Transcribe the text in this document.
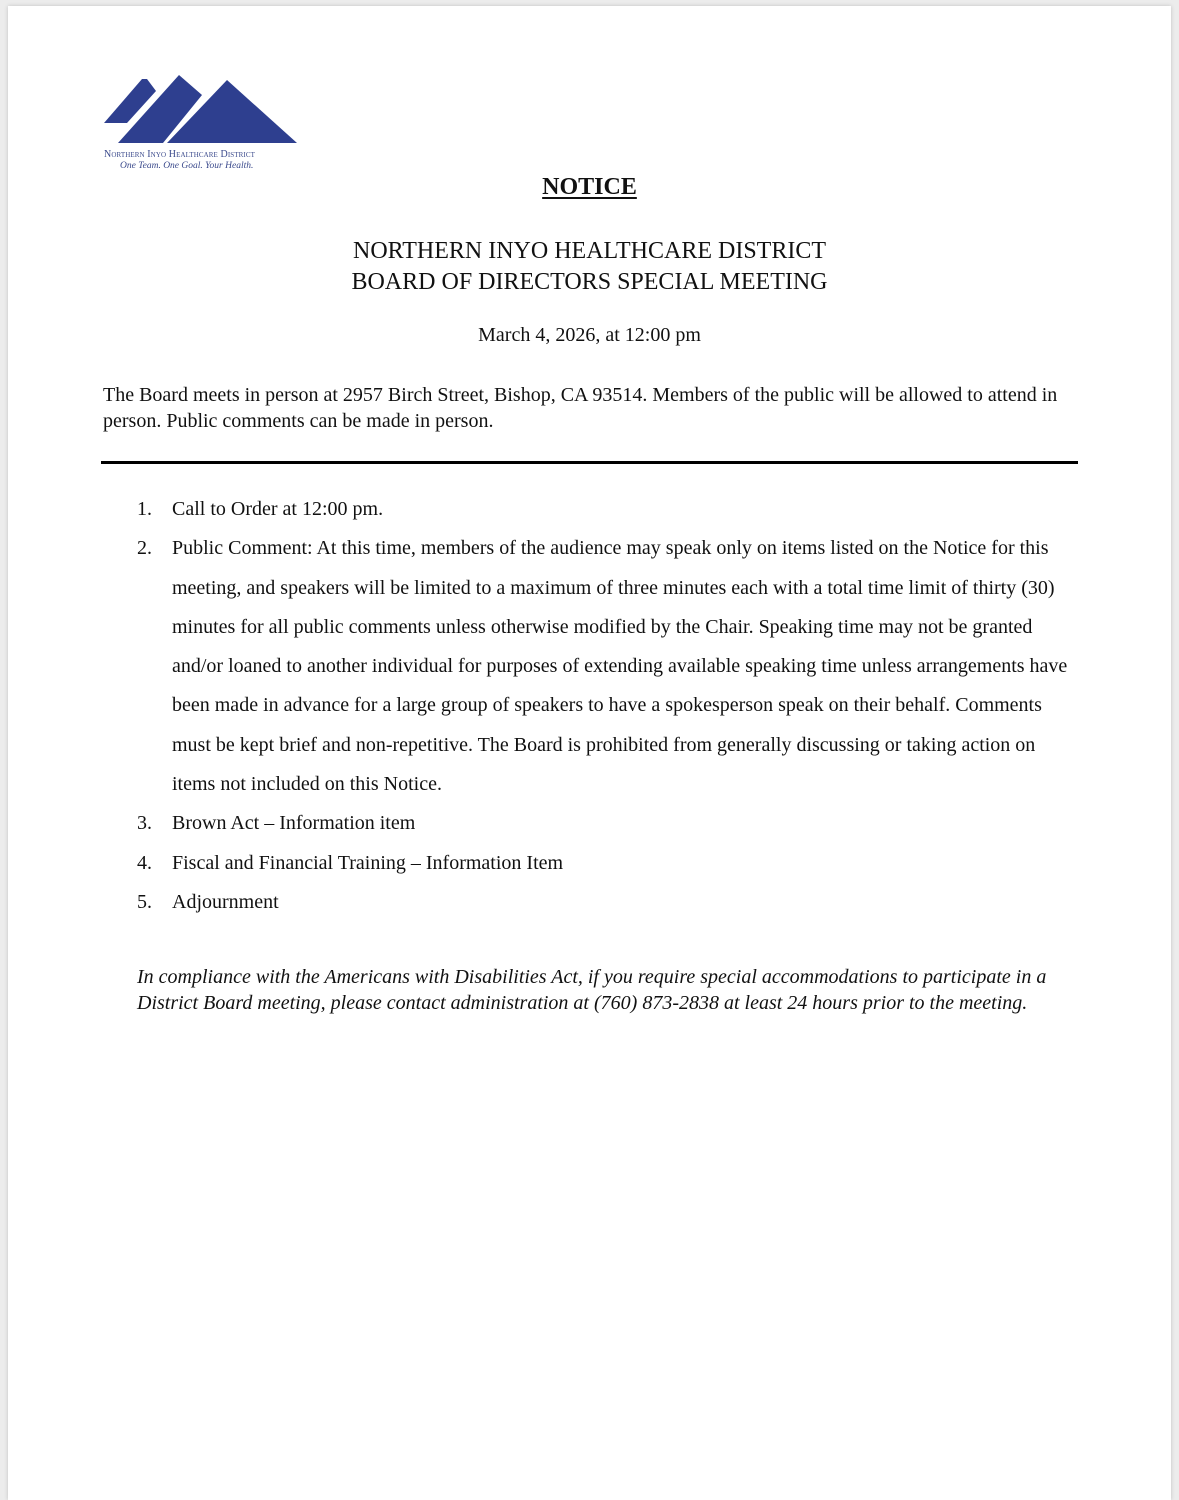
Northern Inyo Healthcare District
One Team. One Goal. Your Health.
NOTICE
NORTHERN INYO HEALTHCARE DISTRICT
BOARD OF DIRECTORS SPECIAL MEETING
March 4, 2026, at 12:00 pm
The Board meets in person at 2957 Birch Street, Bishop, CA 93514. Members of the public will be allowed to attend in person. Public comments can be made in person.
1. Call to Order at 12:00 pm.
2. Public Comment: At this time, members of the audience may speak only on items listed on the Notice for this meeting, and speakers will be limited to a maximum of three minutes each with a total time limit of thirty (30) minutes for all public comments unless otherwise modified by the Chair. Speaking time may not be granted and/or loaned to another individual for purposes of extending available speaking time unless arrangements have been made in advance for a large group of speakers to have a spokesperson speak on their behalf. Comments must be kept brief and non-repetitive. The Board is prohibited from generally discussing or taking action on items not included on this Notice.
3. Brown Act – Information item
4. Fiscal and Financial Training – Information Item
5. Adjournment
In compliance with the Americans with Disabilities Act, if you require special accommodations to participate in a District Board meeting, please contact administration at (760) 873-2838 at least 24 hours prior to the meeting.
